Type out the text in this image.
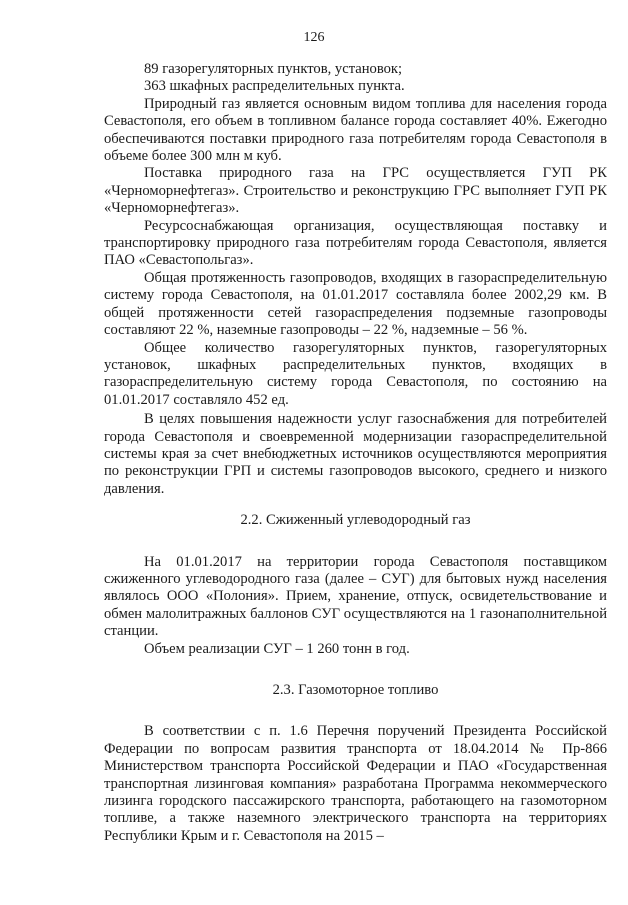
126

89 газорегуляторных пунктов, установок;

363 шкафных распределительных пункта.

Природный газ является основным видом топлива для населения города Севастополя, его объем в топливном балансе города составляет 40%. Ежегодно обеспечиваются поставки природного газа потребителям города Севастополя в объеме более 300 млн м куб.

Поставка природного газа на ГРС осуществляется ГУП РК «Черноморнефтегаз». Строительство и реконструкцию ГРС выполняет ГУП РК «Черноморнефтегаз».

Ресурсоснабжающая организация, осуществляющая поставку и транспортировку природного газа потребителям города Севастополя, является ПАО «Севастопольгаз».

Общая протяженность газопроводов, входящих в газораспределительную систему города Севастополя, на 01.01.2017 составляла более 2002,29 км. В общей протяженности сетей газораспределения подземные газопроводы составляют 22 %, наземные газопроводы – 22 %, надземные – 56 %.

Общее количество газорегуляторных пунктов, газорегуляторных установок, шкафных распределительных пунктов, входящих в газораспределительную систему города Севастополя, по состоянию на 01.01.2017 составляло 452 ед.

В целях повышения надежности услуг газоснабжения для потребителей города Севастополя и своевременной модернизации газораспределительной системы края за счет внебюджетных источников осуществляются мероприятия по реконструкции ГРП и системы газопроводов высокого, среднего и низкого давления.

2.2. Сжиженный углеводородный газ

На 01.01.2017 на территории города Севастополя поставщиком сжиженного углеводородного газа (далее – СУГ) для бытовых нужд населения являлось ООО «Полония». Прием, хранение, отпуск, освидетельствование и обмен малолитражных баллонов СУГ осуществляются на 1 газонаполнительной станции.

Объем реализации СУГ – 1 260 тонн в год.

2.3. Газомоторное топливо

В соответствии с п. 1.6 Перечня поручений Президента Российской Федерации по вопросам развития транспорта от 18.04.2014 № Пр-866 Министерством транспорта Российской Федерации и ПАО «Государственная транспортная лизинговая компания» разработана Программа некоммерческого лизинга городского пассажирского транспорта, работающего на газомоторном топливе, а также наземного электрического транспорта на территориях Республики Крым и г. Севастополя на 2015 –
